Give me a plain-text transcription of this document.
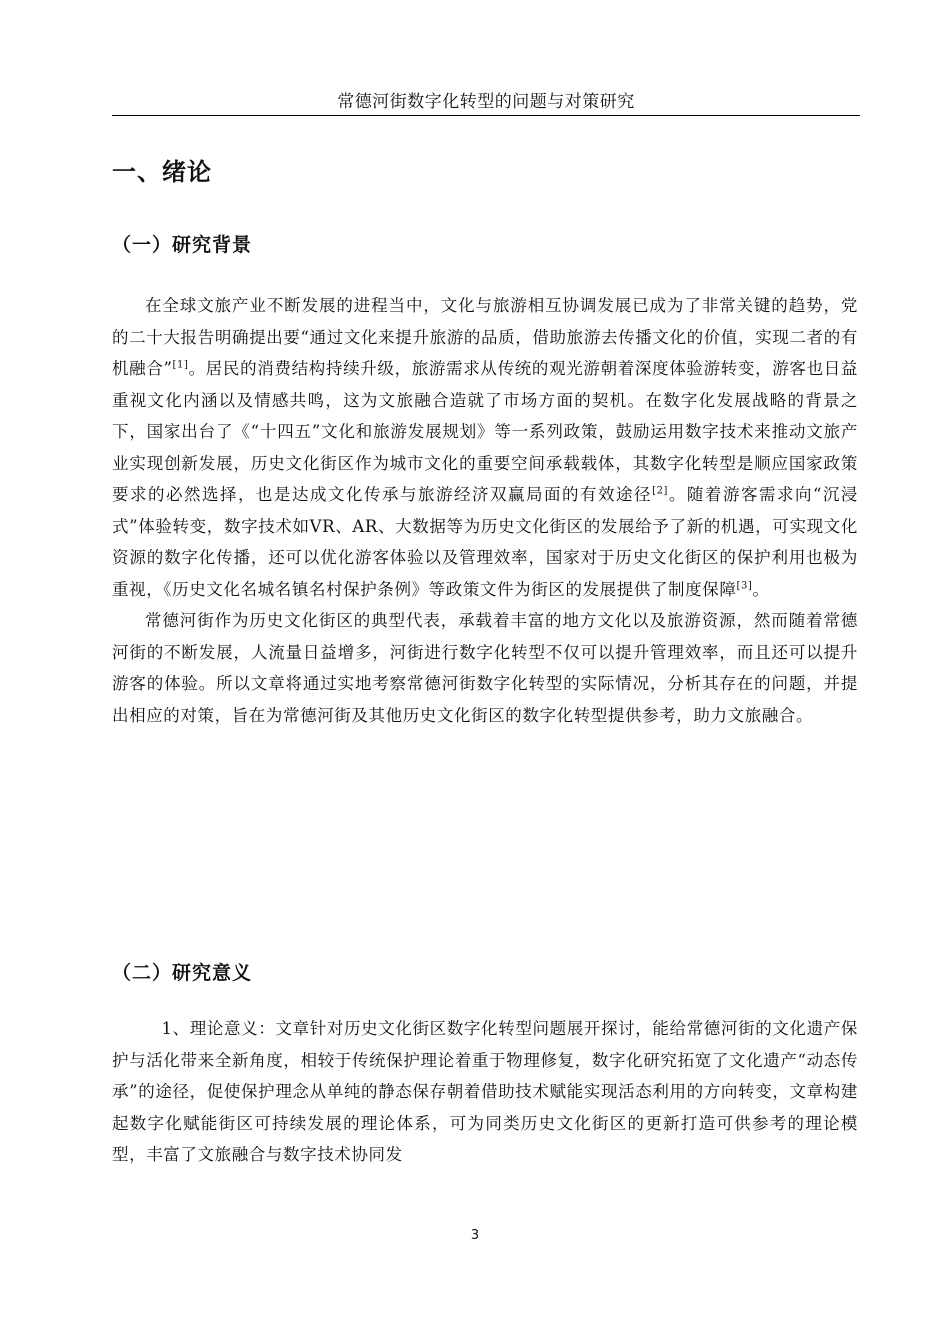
常德河街数字化转型的问题与对策研究
一、绪论
（一）研究背景

在全球文旅产业不断发展的进程当中，文化与旅游相互协调发展已成为了非常关键的趋势，党的二十大报告明确提出要“通过文化来提升旅游的品质，借助旅游去传播文化的价值，实现二者的有机融合”[1]。居民的消费结构持续升级，旅游需求从传统的观光游朝着深度体验游转变，游客也日益重视文化内涵以及情感共鸣，这为文旅融合造就了市场方面的契机。在数字化发展战略的背景之下，国家出台了《“十四五”文化和旅游发展规划》等一系列政策，鼓励运用数字技术来推动文旅产业实现创新发展，历史文化街区作为城市文化的重要空间承载载体，其数字化转型是顺应国家政策要求的必然选择，也是达成文化传承与旅游经济双赢局面的有效途径[2]。随着游客需求向“沉浸式”体验转变，数字技术如VR、AR、大数据等为历史文化街区的发展给予了新的机遇，可实现文化资源的数字化传播，还可以优化游客体验以及管理效率，国家对于历史文化街区的保护利用也极为重视，《历史文化名城名镇名村保护条例》等政策文件为街区的发展提供了制度保障[3]。

常德河街作为历史文化街区的典型代表，承载着丰富的地方文化以及旅游资源，然而随着常德河街的不断发展，人流量日益增多，河街进行数字化转型不仅可以提升管理效率，而且还可以提升游客的体验。所以文章将通过实地考察常德河街数字化转型的实际情况，分析其存在的问题，并提出相应的对策，旨在为常德河街及其他历史文化街区的数字化转型提供参考，助力文旅融合。

（二）研究意义

1、理论意义：文章针对历史文化街区数字化转型问题展开探讨，能给常德河街的文化遗产保护与活化带来全新角度，相较于传统保护理论着重于物理修复，数字化研究拓宽了文化遗产“动态传承”的途径，促使保护理念从单纯的静态保存朝着借助技术赋能实现活态利用的方向转变，文章构建起数字化赋能街区可持续发展的理论体系，可为同类历史文化街区的更新打造可供参考的理论模型，丰富了文旅融合与数字技术协同发

3
